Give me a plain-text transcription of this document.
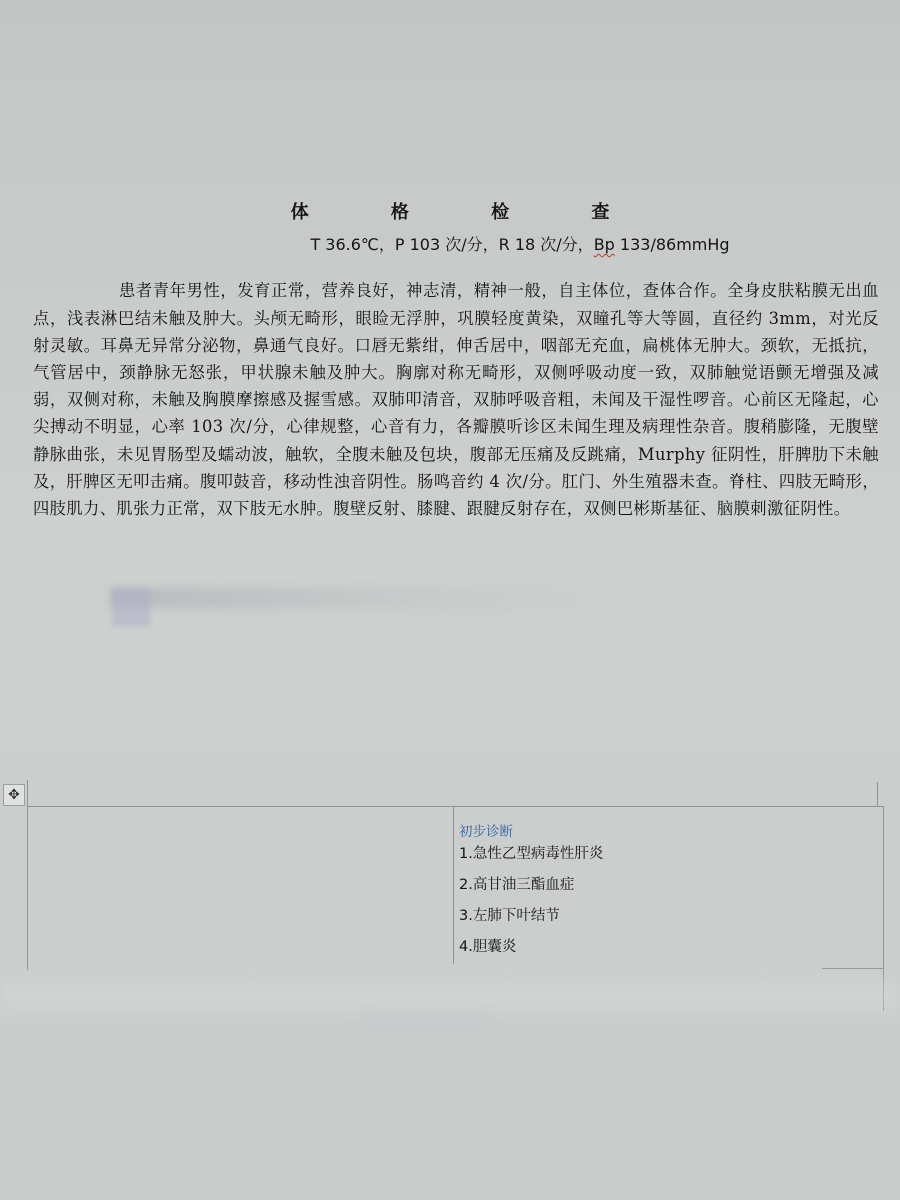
体 格 检 查
T 36.6℃，P 103 次/分，R 18 次/分，Bp 133/86mmHg

患者青年男性，发育正常，营养良好，神志清，精神一般，自主体位，查体合作。全身皮肤粘膜无出血点，浅表淋巴结未触及肿大。头颅无畸形，眼睑无浮肿，巩膜轻度黄染，双瞳孔等大等圆，直径约 3mm，对光反射灵敏。耳鼻无异常分泌物，鼻通气良好。口唇无紫绀，伸舌居中，咽部无充血，扁桃体无肿大。颈软，无抵抗，气管居中，颈静脉无怒张，甲状腺未触及肿大。胸廓对称无畸形，双侧呼吸动度一致，双肺触觉语颤无增强及减弱，双侧对称，未触及胸膜摩擦感及握雪感。双肺叩清音，双肺呼吸音粗，未闻及干湿性啰音。心前区无隆起，心尖搏动不明显，心率 103 次/分，心律规整，心音有力，各瓣膜听诊区未闻生理及病理性杂音。腹稍膨隆，无腹壁静脉曲张，未见胃肠型及蠕动波，触软，全腹未触及包块，腹部无压痛及反跳痛，Murphy 征阴性，肝脾肋下未触及，肝脾区无叩击痛。腹叩鼓音，移动性浊音阴性。肠鸣音约 4 次/分。肛门、外生殖器未查。脊柱、四肢无畸形，四肢肌力、肌张力正常，双下肢无水肿。腹壁反射、膝腱、跟腱反射存在，双侧巴彬斯基征、脑膜刺激征阴性。

✥
初步诊断
1.急性乙型病毒性肝炎
2.高甘油三酯血症
3.左肺下叶结节
4.胆囊炎
